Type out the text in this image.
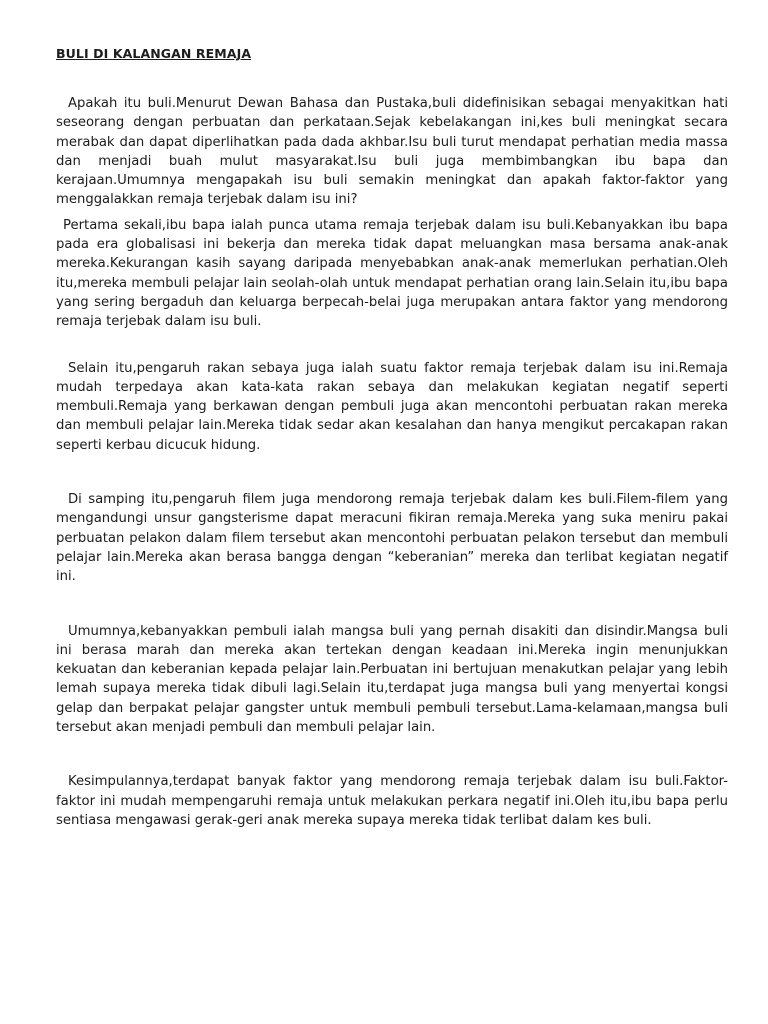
BULI DI KALANGAN REMAJA

Apakah itu buli.Menurut Dewan Bahasa dan Pustaka,buli didefinisikan sebagai menyakitkan hati seseorang dengan perbuatan dan perkataan.Sejak kebelakangan ini,kes buli meningkat secara merabak dan dapat diperlihatkan pada dada akhbar.Isu buli turut mendapat perhatian media massa dan menjadi buah mulut masyarakat.Isu buli juga membimbangkan ibu bapa dan kerajaan.Umumnya mengapakah isu buli semakin meningkat dan apakah faktor-faktor yang menggalakkan remaja terjebak dalam isu ini?

Pertama sekali,ibu bapa ialah punca utama remaja terjebak dalam isu buli.Kebanyakkan ibu bapa pada era globalisasi ini bekerja dan mereka tidak dapat meluangkan masa bersama anak-anak mereka.Kekurangan kasih sayang daripada menyebabkan anak-anak memerlukan perhatian.Oleh itu,mereka membuli pelajar lain seolah-olah untuk mendapat perhatian orang lain.Selain itu,ibu bapa yang sering bergaduh dan keluarga berpecah-belai juga merupakan antara faktor yang mendorong remaja terjebak dalam isu buli.

Selain itu,pengaruh rakan sebaya juga ialah suatu faktor remaja terjebak dalam isu ini.Remaja mudah terpedaya akan kata-kata rakan sebaya dan melakukan kegiatan negatif seperti membuli.Remaja yang berkawan dengan pembuli juga akan mencontohi perbuatan rakan mereka dan membuli pelajar lain.Mereka tidak sedar akan kesalahan dan hanya mengikut percakapan rakan seperti kerbau dicucuk hidung.

Di samping itu,pengaruh filem juga mendorong remaja terjebak dalam kes buli.Filem-filem yang mengandungi unsur gangsterisme dapat meracuni fikiran remaja.Mereka yang suka meniru pakai perbuatan pelakon dalam filem tersebut akan mencontohi perbuatan pelakon tersebut dan membuli pelajar lain.Mereka akan berasa bangga dengan “keberanian” mereka dan terlibat kegiatan negatif ini.

Umumnya,kebanyakkan pembuli ialah mangsa buli yang pernah disakiti dan disindir.Mangsa buli ini berasa marah dan mereka akan tertekan dengan keadaan ini.Mereka ingin menunjukkan kekuatan dan keberanian kepada pelajar lain.Perbuatan ini bertujuan menakutkan pelajar yang lebih lemah supaya mereka tidak dibuli lagi.Selain itu,terdapat juga mangsa buli yang menyertai kongsi gelap dan berpakat pelajar gangster untuk membuli pembuli tersebut.Lama-kelamaan,mangsa buli tersebut akan menjadi pembuli dan membuli pelajar lain.

Kesimpulannya,terdapat banyak faktor yang mendorong remaja terjebak dalam isu buli.Faktor-faktor ini mudah mempengaruhi remaja untuk melakukan perkara negatif ini.Oleh itu,ibu bapa perlu sentiasa mengawasi gerak-geri anak mereka supaya mereka tidak terlibat dalam kes buli.
